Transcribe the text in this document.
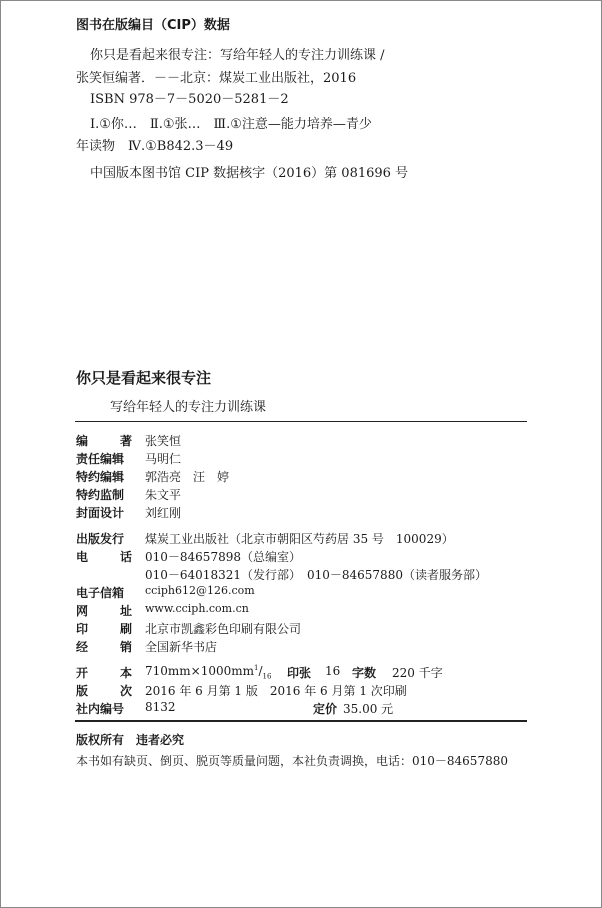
图书在版编目（CIP）数据
你只是看起来很专注：写给年轻人的专注力训练课 /
张笑恒编著．－－北京：煤炭工业出版社，2016
ISBN 978－7－5020－5281－2
Ⅰ.①你…　Ⅱ.①张…　Ⅲ.①注意—能力培养—青少
年读物　Ⅳ.①B842.3－49
中国版本图书馆 CIP 数据核字（2016）第 081696 号
你只是看起来很专注
写给年轻人的专注力训练课
编	著 张笑恒
责任编辑	马明仁
特约编辑	郭浩亮　汪　婷
特约监制	朱文平
封面设计	刘红刚
出版发行	煤炭工业出版社（北京市朝阳区芍药居 35 号　100029）
电	话 010－84657898（总编室）
010－64018321（发行部）　010－84657880（读者服务部）
电子信箱	cciph612@126.com
网	址 www.cciph.com.cn
印	刷 北京市凯鑫彩色印刷有限公司
经	销 全国新华书店
开	本 $710mm\times 1000mm^1/_{16}$ 印张 16 字数 220 千字
版	次 2016 年 6 月第 1 版　2016 年 6 月第 1 次印刷
社内编号	8132	定价 35.00 元
版权所有　违者必究
本书如有缺页、倒页、脱页等质量问题，本社负责调换，电话：010－84657880
